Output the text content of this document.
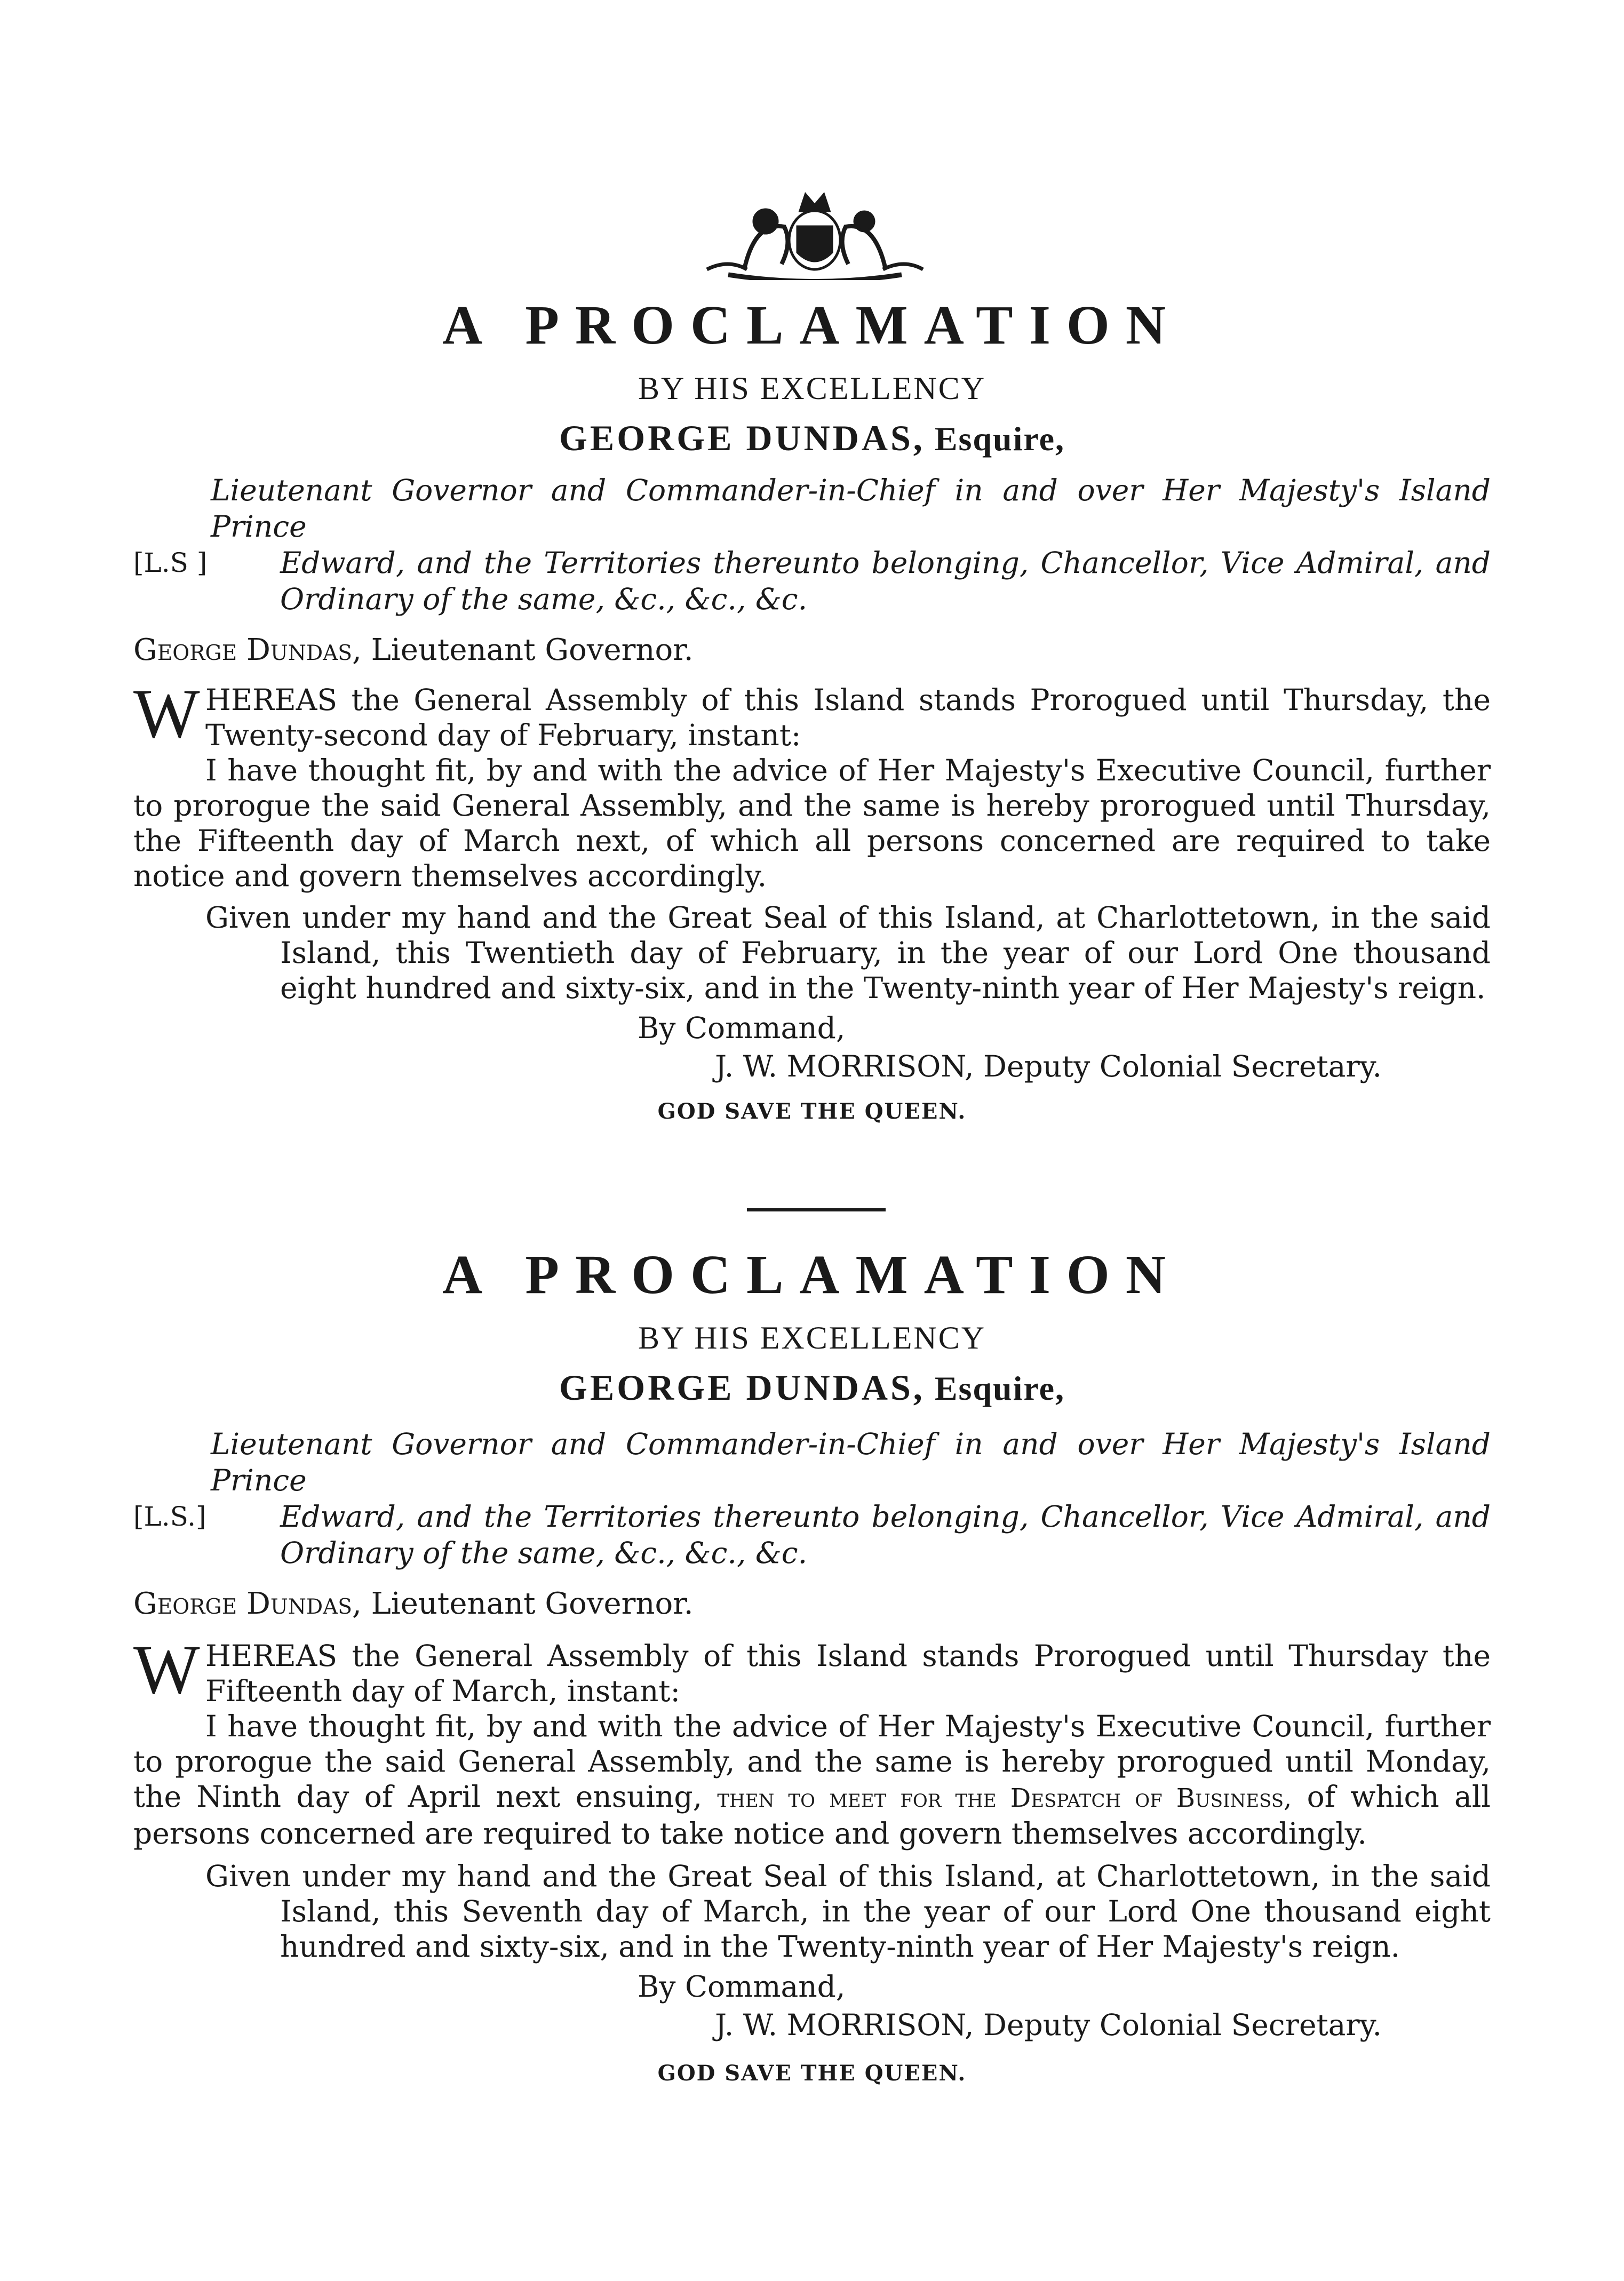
A PROCLAMATION
BY HIS EXCELLENCY
GEORGE DUNDAS, Esquire,

Lieutenant Governor and Commander-in-Chief in and over Her Majesty's Island Prince

Edward, and the Territories thereunto belonging, Chancellor, Vice Admiral, and

Ordinary of the same, &c., &c., &c.

[L.S ]
George Dundas, Lieutenant Governor.
W HEREAS the General Assembly of this Island stands Prorogued until Thursday, the
Twenty-second day of February, instant:
I have thought fit, by and with the advice of Her Majesty's Executive Council, further to prorogue the said General Assembly, and the same is hereby prorogued until Thursday, the Fifteenth day of March next, of which all persons concerned are required to take notice and govern themselves accordingly.
Given under my hand and the Great Seal of this Island, at Charlottetown, in the said
Island, this Twentieth day of February, in the year of our Lord One thousand eight hundred and sixty-six, and in the Twenty-ninth year of Her Majesty's reign.
By Command,
J. W. MORRISON, Deputy Colonial Secretary.
GOD SAVE THE QUEEN.
A PROCLAMATION
BY HIS EXCELLENCY
GEORGE DUNDAS, Esquire,

Lieutenant Governor and Commander-in-Chief in and over Her Majesty's Island Prince

Edward, and the Territories thereunto belonging, Chancellor, Vice Admiral, and

Ordinary of the same, &c., &c., &c.

[L.S.]
George Dundas, Lieutenant Governor.
W HEREAS the General Assembly of this Island stands Prorogued until Thursday the
Fifteenth day of March, instant:
I have thought fit, by and with the advice of Her Majesty's Executive Council, further to prorogue the said General Assembly, and the same is hereby prorogued until Monday, the Ninth day of April next ensuing, then to meet for the Despatch of Business, of which all persons concerned are required to take notice and govern themselves accordingly.
Given under my hand and the Great Seal of this Island, at Charlottetown, in the said
Island, this Seventh day of March, in the year of our Lord One thousand eight hundred and sixty-six, and in the Twenty-ninth year of Her Majesty's reign.
By Command,
J. W. MORRISON, Deputy Colonial Secretary.
GOD SAVE THE QUEEN.
